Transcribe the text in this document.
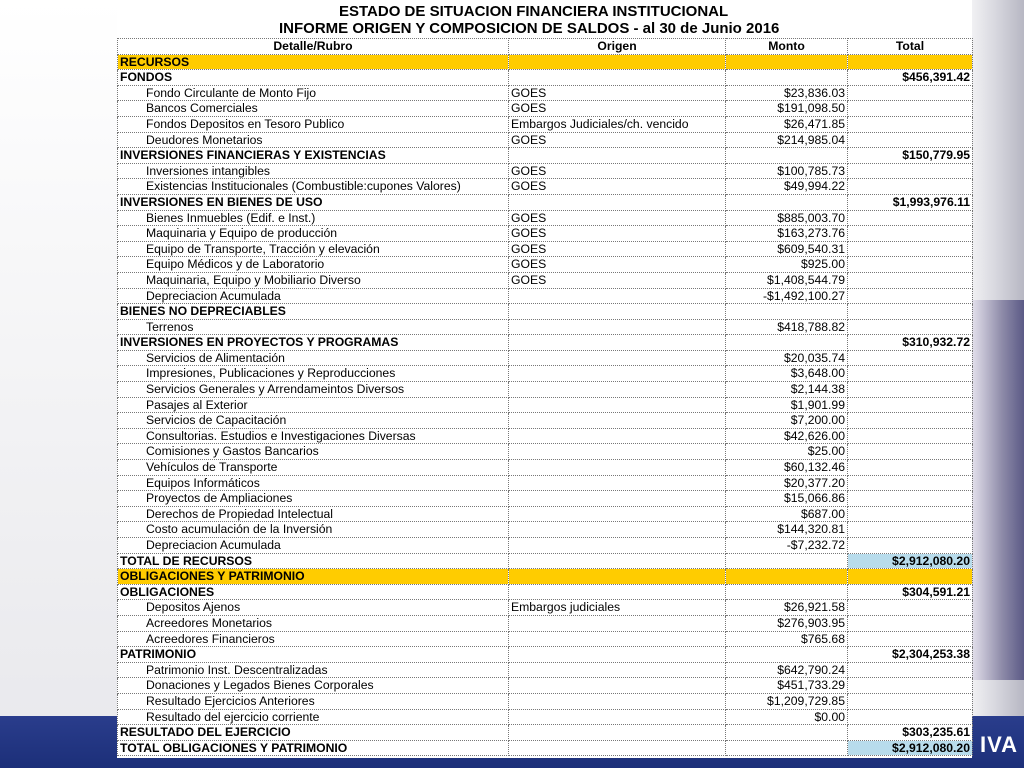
IVA
ESTADO DE SITUACION FINANCIERA INSTITUCIONAL
INFORME ORIGEN Y COMPOSICION DE SALDOS - al 30 de Junio 2016
Detalle/Rubro	Origen	Monto	Total
RECURSOS			
FONDOS			$456,391.42
Fondo Circulante de Monto Fijo	GOES	$23,836.03	
Bancos Comerciales	GOES	$191,098.50	
Fondos Depositos en Tesoro Publico	Embargos Judiciales/ch. vencido	$26,471.85	
Deudores Monetarios	GOES	$214,985.04	
INVERSIONES FINANCIERAS Y EXISTENCIAS			$150,779.95
Inversiones intangibles	GOES	$100,785.73	
Existencias Institucionales (Combustible:cupones Valores)	GOES	$49,994.22	
INVERSIONES EN BIENES DE USO			$1,993,976.11
Bienes Inmuebles (Edif. e Inst.)	GOES	$885,003.70	
Maquinaria y Equipo de producción	GOES	$163,273.76	
Equipo de Transporte, Tracción y elevación	GOES	$609,540.31	
Equipo Médicos y de Laboratorio	GOES	$925.00	
Maquinaria, Equipo y Mobiliario Diverso	GOES	$1,408,544.79	
Depreciacion Acumulada		-$1,492,100.27	
BIENES NO DEPRECIABLES			
Terrenos		$418,788.82	
INVERSIONES EN PROYECTOS Y PROGRAMAS			$310,932.72
Servicios de Alimentación		$20,035.74	
Impresiones, Publicaciones y Reproducciones		$3,648.00	
Servicios Generales y Arrendameintos Diversos		$2,144.38	
Pasajes al Exterior		$1,901.99	
Servicios de Capacitación		$7,200.00	
Consultorias. Estudios e Investigaciones Diversas		$42,626.00	
Comisiones y Gastos Bancarios		$25.00	
Vehículos de Transporte		$60,132.46	
Equipos Informáticos		$20,377.20	
Proyectos de Ampliaciones		$15,066.86	
Derechos de Propiedad Intelectual		$687.00	
Costo acumulación de la Inversión		$144,320.81	
Depreciacion Acumulada		-$7,232.72	
TOTAL DE RECURSOS			$2,912,080.20
OBLIGACIONES Y PATRIMONIO			
OBLIGACIONES			$304,591.21
Depositos Ajenos	Embargos judiciales	$26,921.58	
Acreedores Monetarios		$276,903.95	
Acreedores Financieros		$765.68	
PATRIMONIO			$2,304,253.38
Patrimonio Inst. Descentralizadas		$642,790.24	
Donaciones y Legados Bienes Corporales		$451,733.29	
Resultado Ejercicios Anteriores		$1,209,729.85	
Resultado del ejercicio corriente		$0.00	
RESULTADO DEL EJERCICIO			$303,235.61
TOTAL OBLIGACIONES Y PATRIMONIO			$2,912,080.20
